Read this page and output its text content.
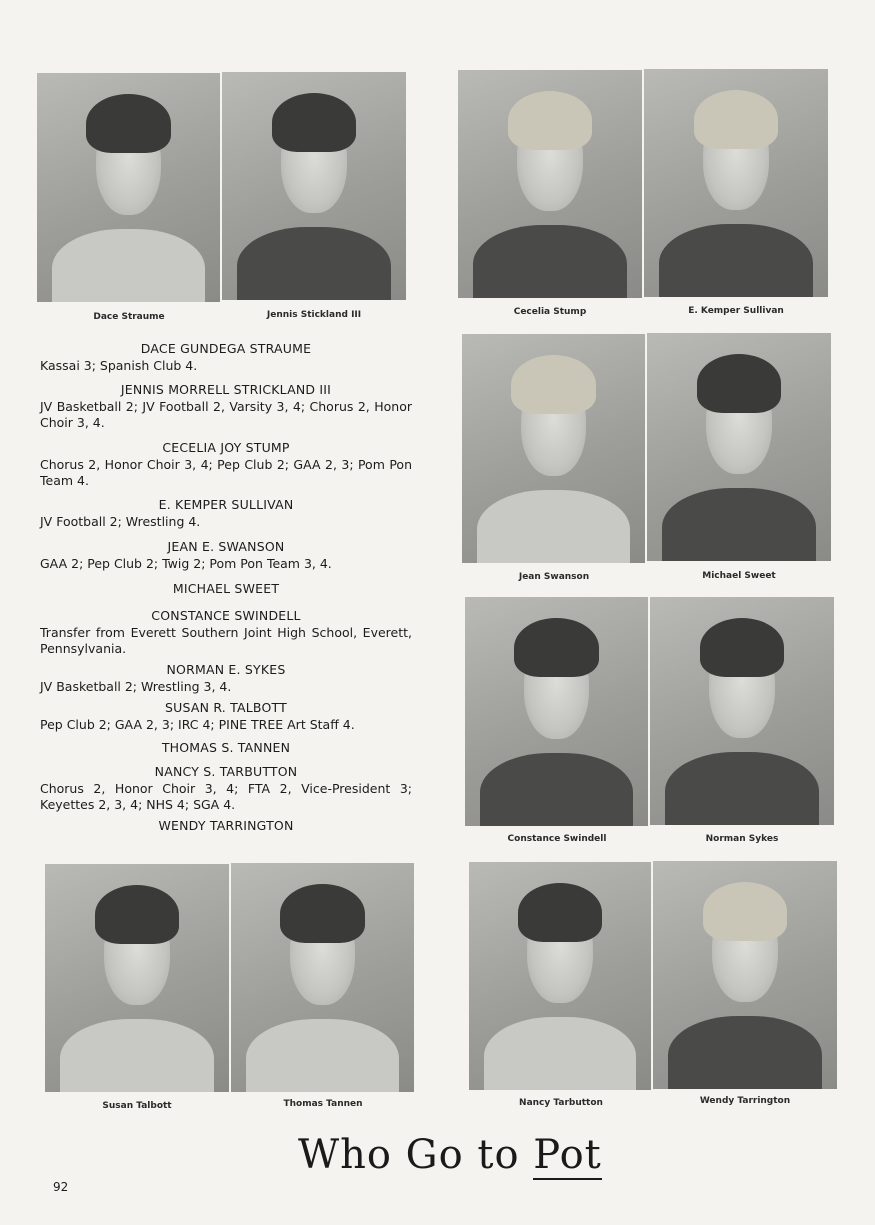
Dace Straume	Jennis Stickland III	Cecelia Stump	E. Kemper Sullivan
Jean Swanson	Michael Sweet
Constance Swindell	Norman Sykes
Susan Talbott	Thomas Tannen	Nancy Tarbutton	Wendy Tarrington
DACE GUNDEGA STRAUME
Kassai 3; Spanish Club 4.
JENNIS MORRELL STRICKLAND III
JV Basketball 2; JV Football 2, Varsity 3, 4; Chorus 2, Honor Choir 3, 4.
CECELIA JOY STUMP
Chorus 2, Honor Choir 3, 4; Pep Club 2; GAA 2, 3; Pom Pon Team 4.
E. KEMPER SULLIVAN
JV Football 2; Wrestling 4.
JEAN E. SWANSON
GAA 2; Pep Club 2; Twig 2; Pom Pon Team 3, 4.
MICHAEL SWEET
CONSTANCE SWINDELL
Transfer from Everett Southern Joint High School, Everett, Pennsylvania.
NORMAN E. SYKES
JV Basketball 2; Wrestling 3, 4.
SUSAN R. TALBOTT
Pep Club 2; GAA 2, 3; IRC 4; PINE TREE Art Staff 4.
THOMAS S. TANNEN
NANCY S. TARBUTTON
Chorus 2, Honor Choir 3, 4; FTA 2, Vice-President 3; Keyettes 2, 3, 4; NHS 4; SGA 4.
WENDY TARRINGTON
Who Go to Pot
92
